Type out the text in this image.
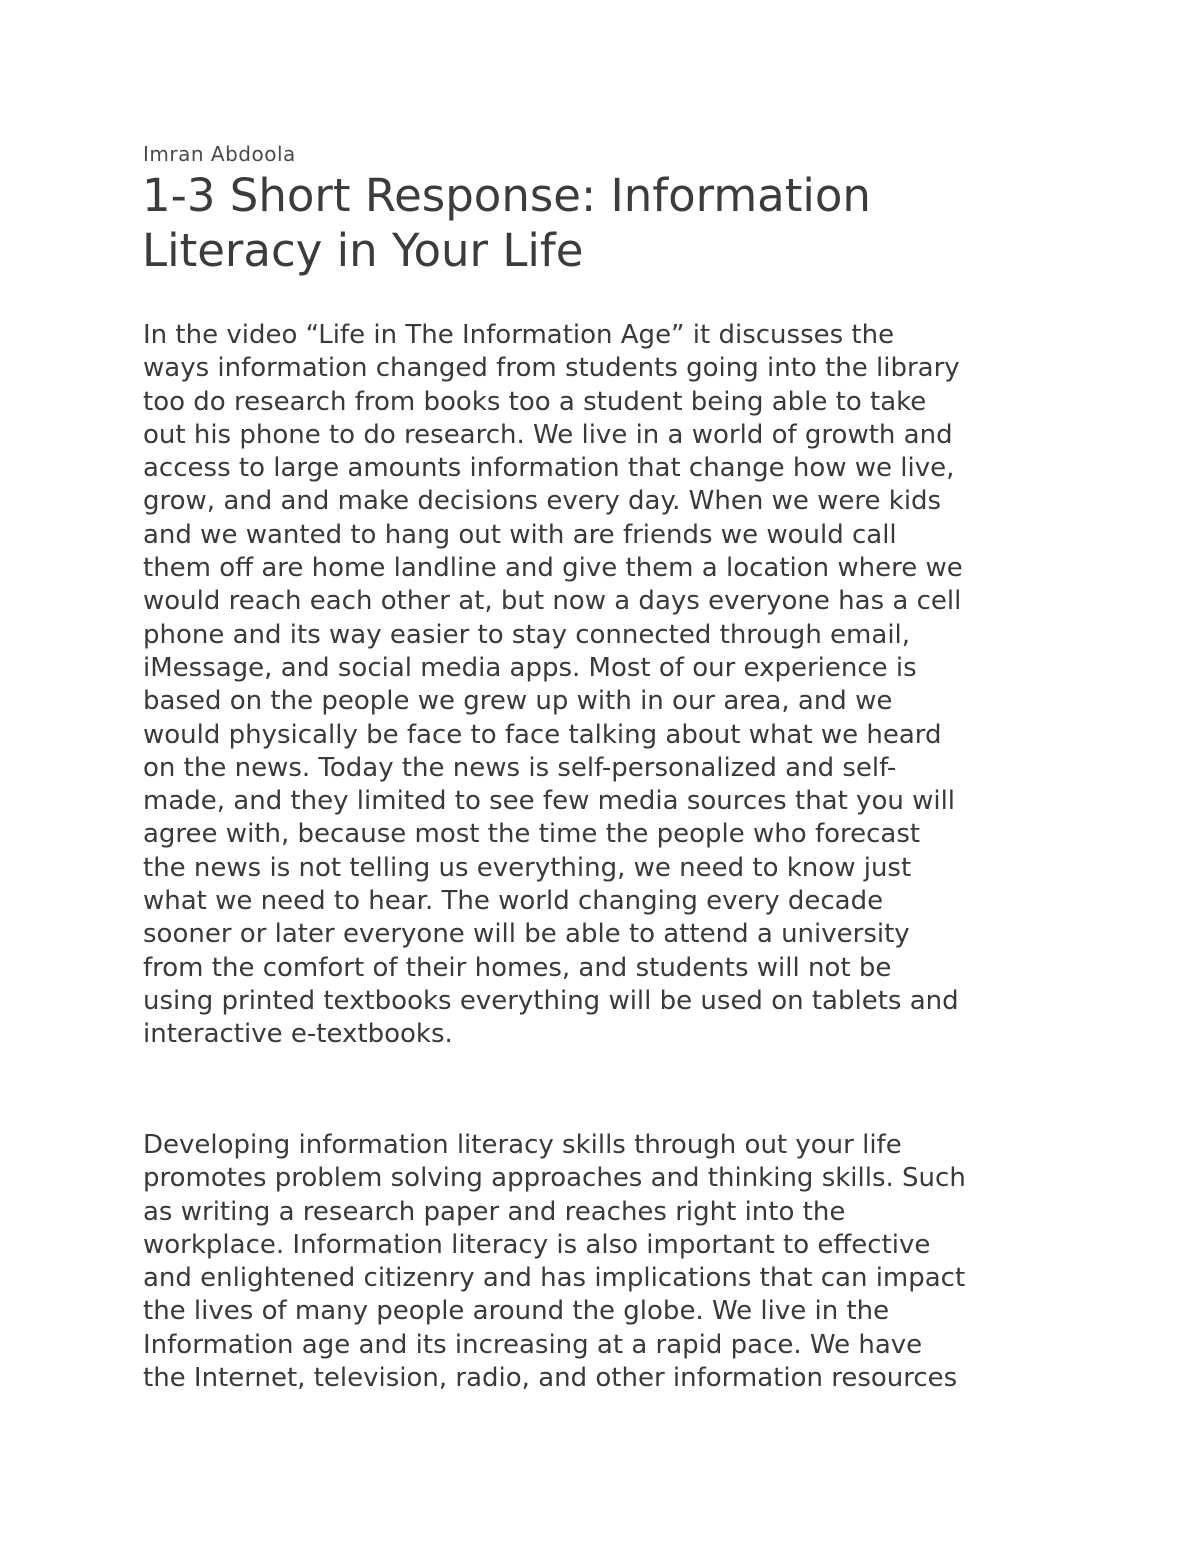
Imran Abdoola

1-3 Short Response: Information
Literacy in Your Life
In the video “Life in The Information Age” it discusses the
ways information changed from students going into the library
too do research from books too a student being able to take
out his phone to do research. We live in a world of growth and
access to large amounts information that change how we live,
grow, and and make decisions every day. When we were kids
and we wanted to hang out with are friends we would call
them off are home landline and give them a location where we
would reach each other at, but now a days everyone has a cell
phone and its way easier to stay connected through email,
iMessage, and social media apps. Most of our experience is
based on the people we grew up with in our area, and we
would physically be face to face talking about what we heard
on the news. Today the news is self-personalized and self-
made, and they limited to see few media sources that you will
agree with, because most the time the people who forecast
the news is not telling us everything, we need to know just
what we need to hear. The world changing every decade
sooner or later everyone will be able to attend a university
from the comfort of their homes, and students will not be
using printed textbooks everything will be used on tablets and
interactive e-textbooks.
Developing information literacy skills through out your life
promotes problem solving approaches and thinking skills. Such
as writing a research paper and reaches right into the
workplace. Information literacy is also important to effective
and enlightened citizenry and has implications that can impact
the lives of many people around the globe. We live in the
Information age and its increasing at a rapid pace. We have
the Internet, television, radio, and other information resources
